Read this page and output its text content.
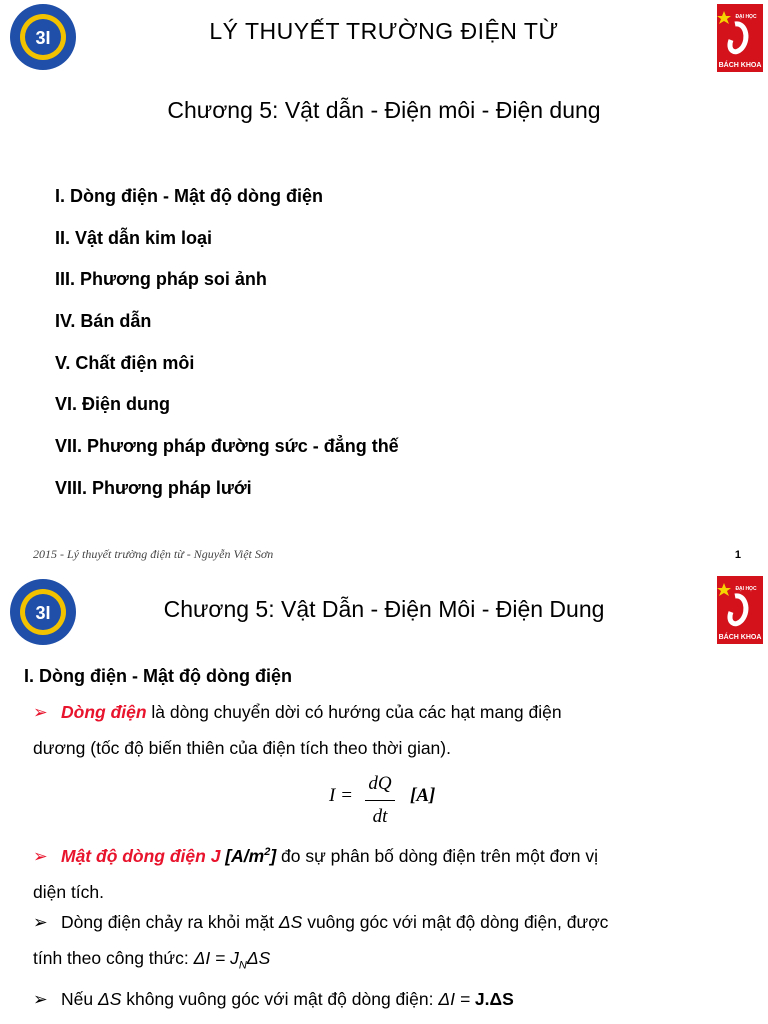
3I
ĐẠI HỌC
BÁCH KHOA
LÝ THUYẾT TRƯỜNG ĐIỆN TỪ
Chương 5: Vật dẫn - Điện môi - Điện dung
I. Dòng điện - Mật độ dòng điện
II. Vật dẫn kim loại
III. Phương pháp soi ảnh
IV. Bán dẫn
V. Chất điện môi
VI. Điện dung
VII. Phương pháp đường sức - đẳng thế
VIII. Phương pháp lưới
2015 - Lý thuyết trường điện từ - Nguyễn Việt Sơn	1
3I
ĐẠI HỌC
BÁCH KHOA
Chương 5: Vật Dẫn - Điện Môi - Điện Dung
I. Dòng điện - Mật độ dòng điện
➢ Dòng điện là dòng chuyển dời có hướng của các hạt mang điện
dương (tốc độ biến thiên của điện tích theo thời gian).
I =
dQ
dt
[A]
➢ Mật độ dòng điện J $[A/m^2]$ đo sự phân bố dòng điện trên một đơn vị
diện tích.
➢ Dòng điện chảy ra khỏi mặt ΔS vuông góc với mật độ dòng điện, được
tính theo công thức: $\Delta I = J_N\Delta S$
➢ Nếu ΔS không vuông góc với mật độ dòng điện: ΔI = J.ΔS
